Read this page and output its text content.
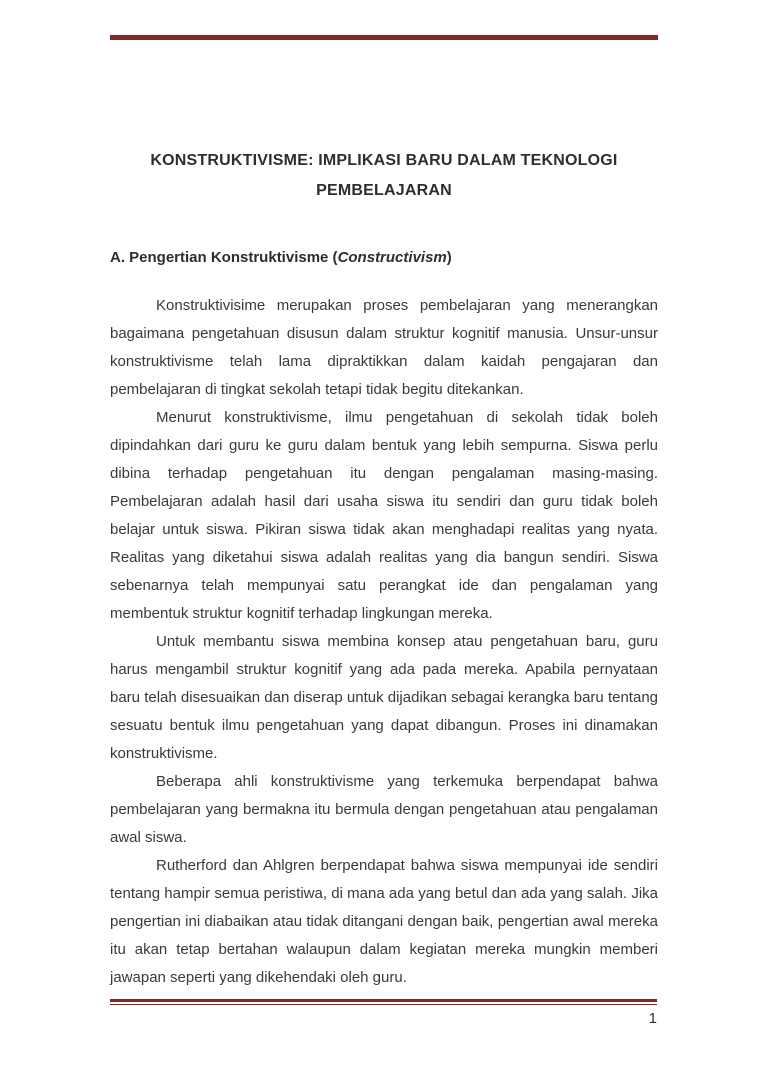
KONSTRUKTIVISME: IMPLIKASI BARU DALAM TEKNOLOGI PEMBELAJARAN
A. Pengertian Konstruktivisme (Constructivism)

Konstruktivisime merupakan proses pembelajaran yang menerangkan bagaimana pengetahuan disusun dalam struktur kognitif manusia. Unsur-unsur konstruktivisme telah lama dipraktikkan dalam kaidah pengajaran dan pembelajaran di tingkat sekolah tetapi tidak begitu ditekankan.

Menurut konstruktivisme, ilmu pengetahuan di sekolah tidak boleh dipindahkan dari guru ke guru dalam bentuk yang lebih sempurna. Siswa perlu dibina terhadap pengetahuan itu dengan pengalaman masing-masing. Pembelajaran adalah hasil dari usaha siswa itu sendiri dan guru tidak boleh belajar untuk siswa. Pikiran siswa tidak akan menghadapi realitas yang nyata. Realitas yang diketahui siswa adalah realitas yang dia bangun sendiri. Siswa sebenarnya telah mempunyai satu perangkat ide dan pengalaman yang membentuk struktur kognitif terhadap lingkungan mereka.

Untuk membantu siswa membina konsep atau pengetahuan baru, guru harus mengambil struktur kognitif yang ada pada mereka. Apabila pernyataan baru telah disesuaikan dan diserap untuk dijadikan sebagai kerangka baru tentang sesuatu bentuk ilmu pengetahuan yang dapat dibangun. Proses ini dinamakan konstruktivisme.

Beberapa ahli konstruktivisme yang terkemuka berpendapat bahwa pembelajaran yang bermakna itu bermula dengan pengetahuan atau pengalaman awal siswa.

Rutherford dan Ahlgren berpendapat bahwa siswa mempunyai ide sendiri tentang hampir semua peristiwa, di mana ada yang betul dan ada yang salah. Jika pengertian ini diabaikan atau tidak ditangani dengan baik, pengertian awal mereka itu akan tetap bertahan walaupun dalam kegiatan mereka mungkin memberi jawapan seperti yang dikehendaki oleh guru.

1
